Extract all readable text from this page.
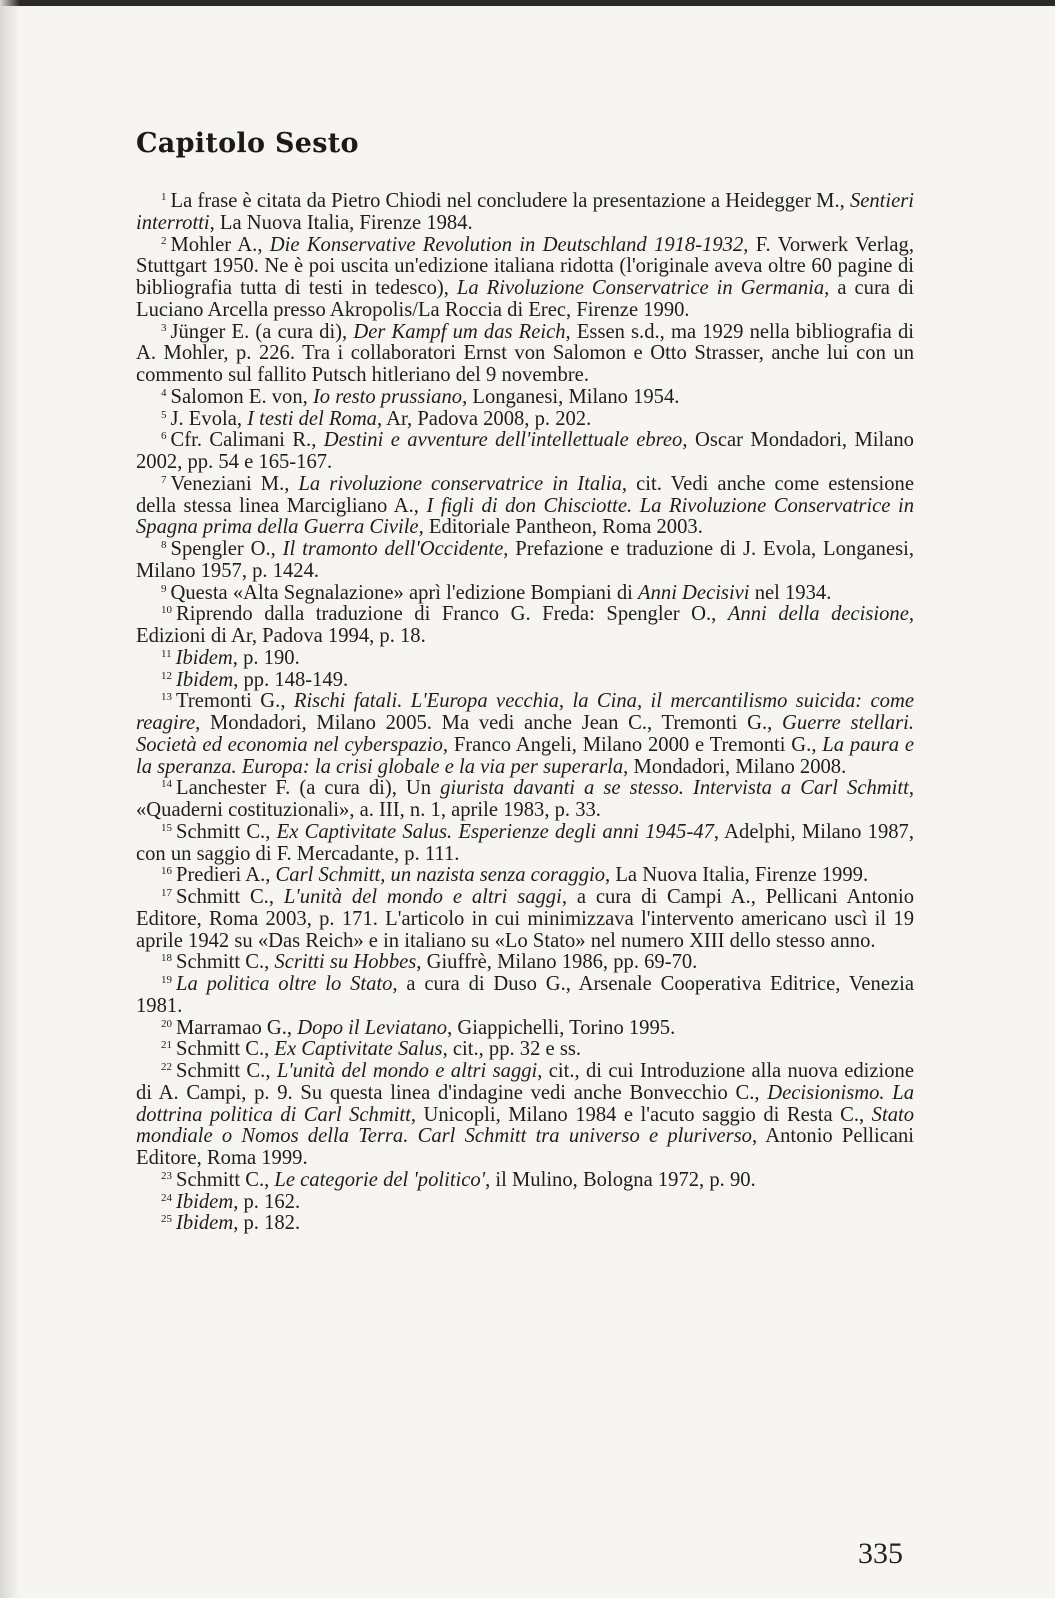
Capitolo Sesto

$^1$ La frase è citata da Pietro Chiodi nel concludere la presentazione a Heidegger M., Sentieri interrotti, La Nuova Italia, Firenze 1984.

$^2$ Mohler A., Die Konservative Revolution in Deutschland 1918-1932, F. Vorwerk Verlag, Stuttgart 1950. Ne è poi uscita un'edizione italiana ridotta (l'originale aveva oltre 60 pagine di bibliografia tutta di testi in tedesco), La Rivoluzione Conservatrice in Germania, a cura di Luciano Arcella presso Akropolis/La Roccia di Erec, Firenze 1990.

$^3$ Jünger E. (a cura di), Der Kampf um das Reich, Essen s.d., ma 1929 nella bibliografia di A. Mohler, p. 226. Tra i collaboratori Ernst von Salomon e Otto Strasser, anche lui con un commento sul fallito Putsch hitleriano del 9 novembre.

$^4$ Salomon E. von, Io resto prussiano, Longanesi, Milano 1954.

$^5$ J. Evola, I testi del Roma, Ar, Padova 2008, p. 202.

$^6$ Cfr. Calimani R., Destini e avventure dell'intellettuale ebreo, Oscar Mondadori, Milano 2002, pp. 54 e 165-167.

$^7$ Veneziani M., La rivoluzione conservatrice in Italia, cit. Vedi anche come estensione della stessa linea Marcigliano A., I figli di don Chisciotte. La Rivoluzione Conservatrice in Spagna prima della Guerra Civile, Editoriale Pantheon, Roma 2003.

$^8$ Spengler O., Il tramonto dell'Occidente, Prefazione e traduzione di J. Evola, Longanesi, Milano 1957, p. 1424.

$^9$ Questa «Alta Segnalazione» aprì l'edizione Bompiani di Anni Decisivi nel 1934.

$^{10}$ Riprendo dalla traduzione di Franco G. Freda: Spengler O., Anni della decisione, Edizioni di Ar, Padova 1994, p. 18.

$^{11}$ Ibidem, p. 190.

$^{12}$ Ibidem, pp. 148-149.

$^{13}$ Tremonti G., Rischi fatali. L'Europa vecchia, la Cina, il mercantilismo suicida: come reagire, Mondadori, Milano 2005. Ma vedi anche Jean C., Tremonti G., Guerre stellari. Società ed economia nel cyberspazio, Franco Angeli, Milano 2000 e Tremonti G., La paura e la speranza. Europa: la crisi globale e la via per superarla, Mondadori, Milano 2008.

$^{14}$ Lanchester F. (a cura di), Un giurista davanti a se stesso. Intervista a Carl Schmitt, «Quaderni costituzionali», a. III, n. 1, aprile 1983, p. 33.

$^{15}$ Schmitt C., Ex Captivitate Salus. Esperienze degli anni 1945-47, Adelphi, Milano 1987, con un saggio di F. Mercadante, p. 111.

$^{16}$ Predieri A., Carl Schmitt, un nazista senza coraggio, La Nuova Italia, Firenze 1999.

$^{17}$ Schmitt C., L'unità del mondo e altri saggi, a cura di Campi A., Pellicani Antonio Editore, Roma 2003, p. 171. L'articolo in cui minimizzava l'intervento americano uscì il 19 aprile 1942 su «Das Reich» e in italiano su «Lo Stato» nel numero XIII dello stesso anno.

$^{18}$ Schmitt C., Scritti su Hobbes, Giuffrè, Milano 1986, pp. 69-70.

$^{19}$ La politica oltre lo Stato, a cura di Duso G., Arsenale Cooperativa Editrice, Venezia 1981.

$^{20}$ Marramao G., Dopo il Leviatano, Giappichelli, Torino 1995.

$^{21}$ Schmitt C., Ex Captivitate Salus, cit., pp. 32 e ss.

$^{22}$ Schmitt C., L'unità del mondo e altri saggi, cit., di cui Introduzione alla nuova edizione di A. Campi, p. 9. Su questa linea d'indagine vedi anche Bonvecchio C., Decisionismo. La dottrina politica di Carl Schmitt, Unicopli, Milano 1984 e l'acuto saggio di Resta C., Stato mondiale o Nomos della Terra. Carl Schmitt tra universo e pluriverso, Antonio Pellicani Editore, Roma 1999.

$^{23}$ Schmitt C., Le categorie del 'politico', il Mulino, Bologna 1972, p. 90.

$^{24}$ Ibidem, p. 162.

$^{25}$ Ibidem, p. 182.

335
